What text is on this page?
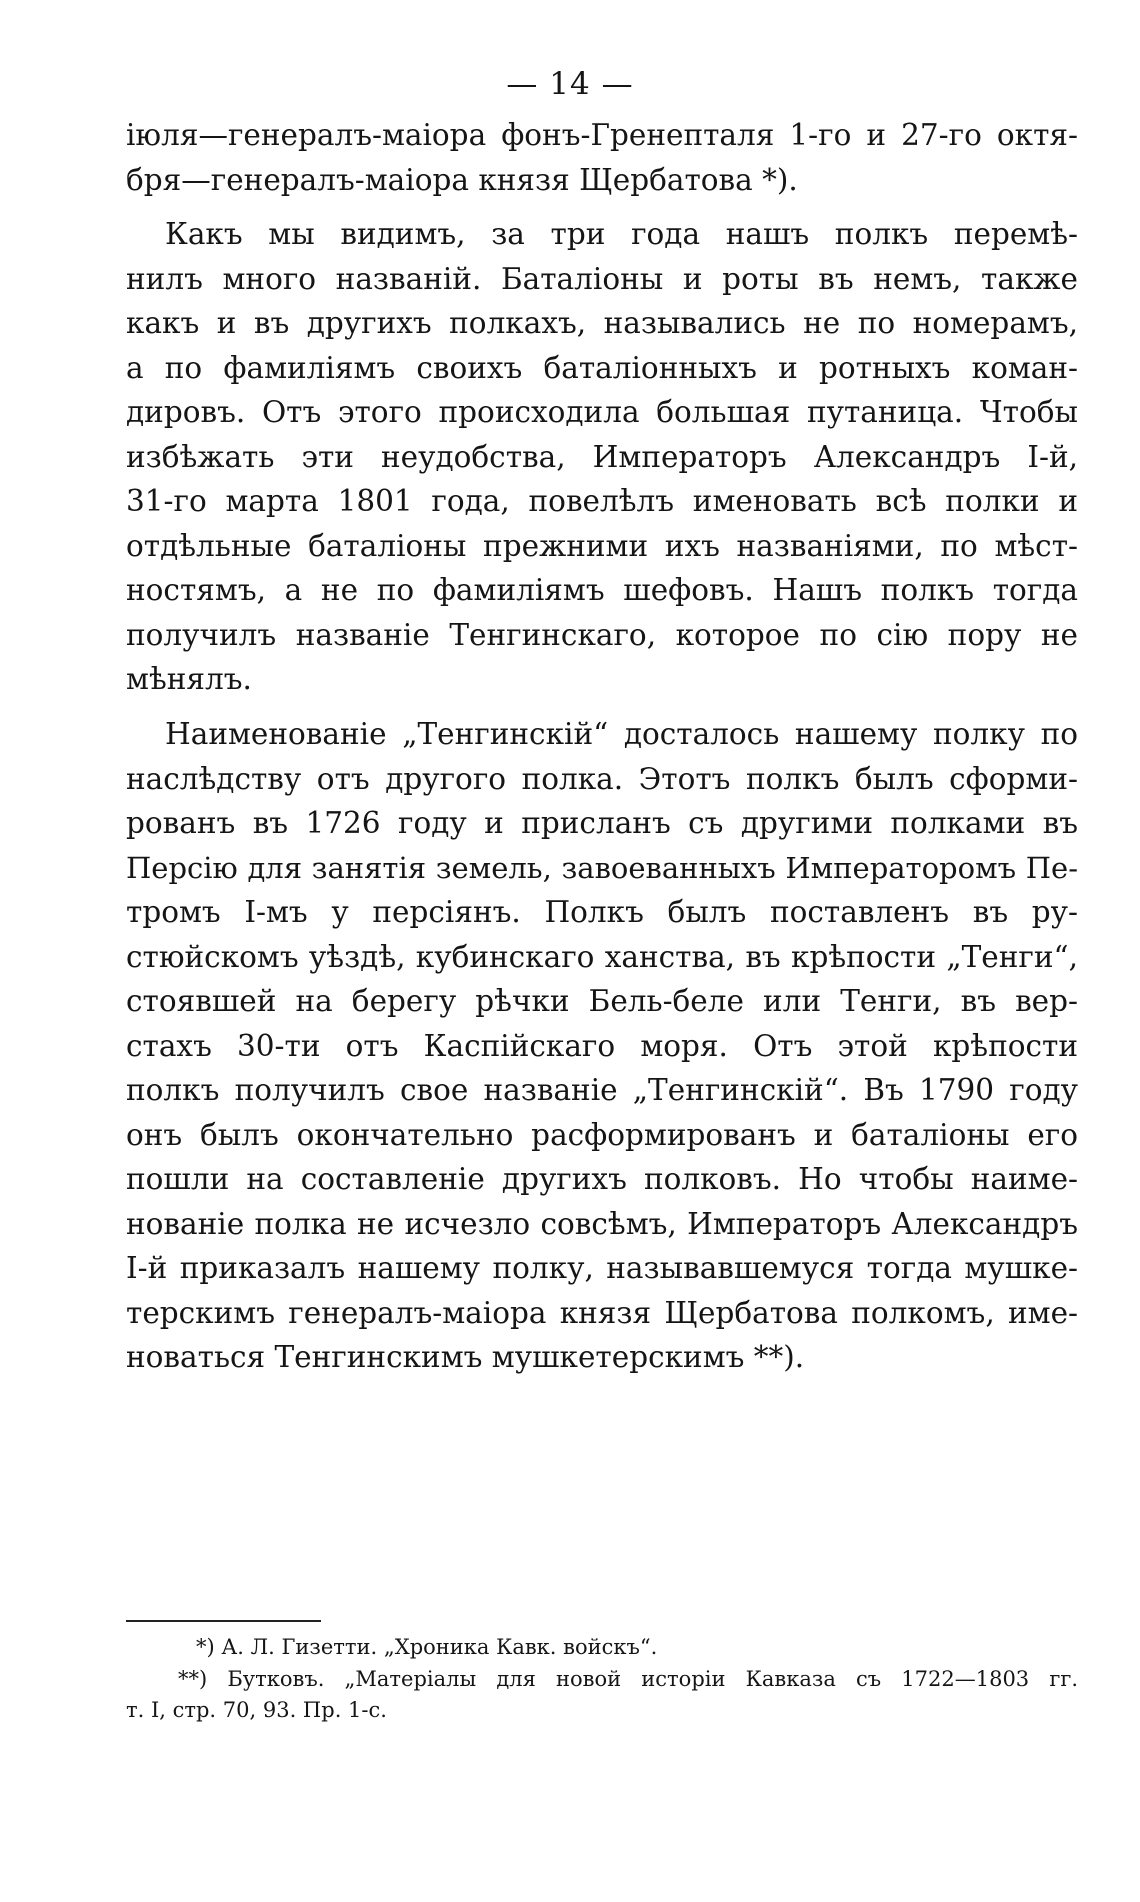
— 14 —
іюля—генералъ-маіора фонъ-Гренепталя 1-го и 27-го октя-
бря—генералъ-маіора князя Щербатова *).
Какъ мы видимъ, за три года нашъ полкъ перемѣ-
нилъ много названій. Баталіоны и роты въ немъ, также
какъ и въ другихъ полкахъ, назывались не по номерамъ,
а по фамиліямъ своихъ баталіонныхъ и ротныхъ коман-
дировъ. Отъ этого происходила большая путаница. Чтобы
избѣжать эти неудобства, Императоръ Александръ I-й,
31-го марта 1801 года, повелѣлъ именовать всѣ полки и
отдѣльные баталіоны прежними ихъ названіями, по мѣст-
ностямъ, а не по фамиліямъ шефовъ. Нашъ полкъ тогда
получилъ названіе Тенгинскаго, которое по сію пору не
мѣнялъ.
Наименованіе „Тенгинскій“ досталось нашему полку по
наслѣдству отъ другого полка. Этотъ полкъ былъ сформи-
рованъ въ 1726 году и присланъ съ другими полками въ
Персію для занятія земель, завоеванныхъ Императоромъ Пе-
тромъ I-мъ у персіянъ. Полкъ былъ поставленъ въ ру-
стюйскомъ уѣздѣ, кубинскаго ханства, въ крѣпости „Тенги“,
стоявшей на берегу рѣчки Бель-беле или Тенги, въ вер-
стахъ 30-ти отъ Каспійскаго моря. Отъ этой крѣпости
полкъ получилъ свое названіе „Тенгинскій“. Въ 1790 году
онъ былъ окончательно расформированъ и баталіоны его
пошли на составленіе другихъ полковъ. Но чтобы наиме-
нованіе полка не исчезло совсѣмъ, Императоръ Александръ
I-й приказалъ нашему полку, называвшемуся тогда мушке-
терскимъ генералъ-маіора князя Щербатова полкомъ, име-
новаться Тенгинскимъ мушкетерскимъ **).
*) А. Л. Гизетти. „Хроника Кавк. войскъ“.
**) Бутковъ. „Матеріалы для новой исторіи Кавказа съ 1722—1803 гг.
т. I, стр. 70, 93. Пр. 1-с.
